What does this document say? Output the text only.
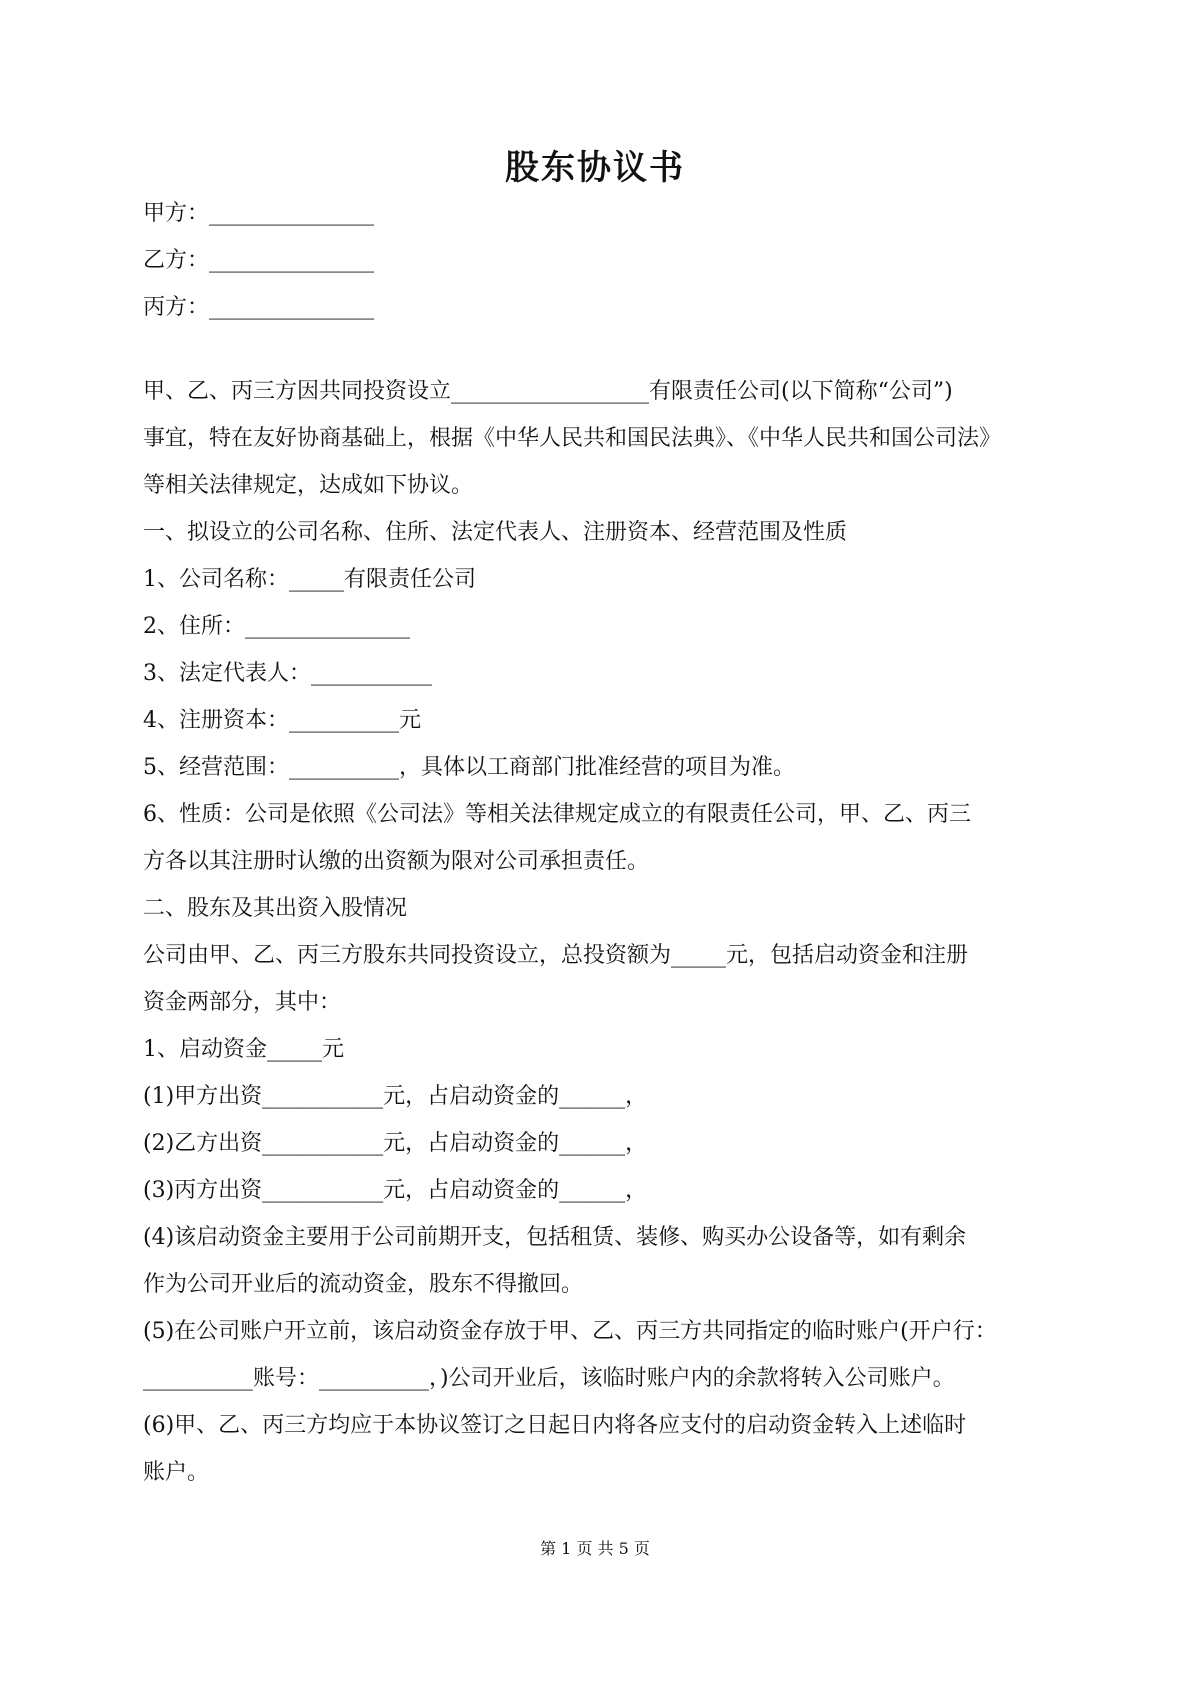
股东协议书
甲方：_______________
乙方：_______________
丙方：_______________
甲、乙、丙三方因共同投资设立__________________有限责任公司(以下简称“公司”)
事宜，特在友好协商基础上，根据《中华人民共和国民法典》、《中华人民共和国公司法》
等相关法律规定，达成如下协议。
一、拟设立的公司名称、住所、法定代表人、注册资本、经营范围及性质
1、公司名称：_____有限责任公司
2、住所：_______________
3、法定代表人：___________
4、注册资本：__________元
5、经营范围：__________，具体以工商部门批准经营的项目为准。
6、性质：公司是依照《公司法》等相关法律规定成立的有限责任公司，甲、乙、丙三
方各以其注册时认缴的出资额为限对公司承担责任。
二、股东及其出资入股情况
公司由甲、乙、丙三方股东共同投资设立，总投资额为_____元，包括启动资金和注册
资金两部分，其中：
1、启动资金_____元
(1)甲方出资___________元，占启动资金的______，
(2)乙方出资___________元，占启动资金的______，
(3)丙方出资___________元，占启动资金的______，
(4)该启动资金主要用于公司前期开支，包括租赁、装修、购买办公设备等，如有剩余
作为公司开业后的流动资金，股东不得撤回。
(5)在公司账户开立前，该启动资金存放于甲、乙、丙三方共同指定的临时账户(开户行：
__________账号：__________，)公司开业后，该临时账户内的余款将转入公司账户。
(6)甲、乙、丙三方均应于本协议签订之日起日内将各应支付的启动资金转入上述临时
账户。
第 1 页 共 5 页
